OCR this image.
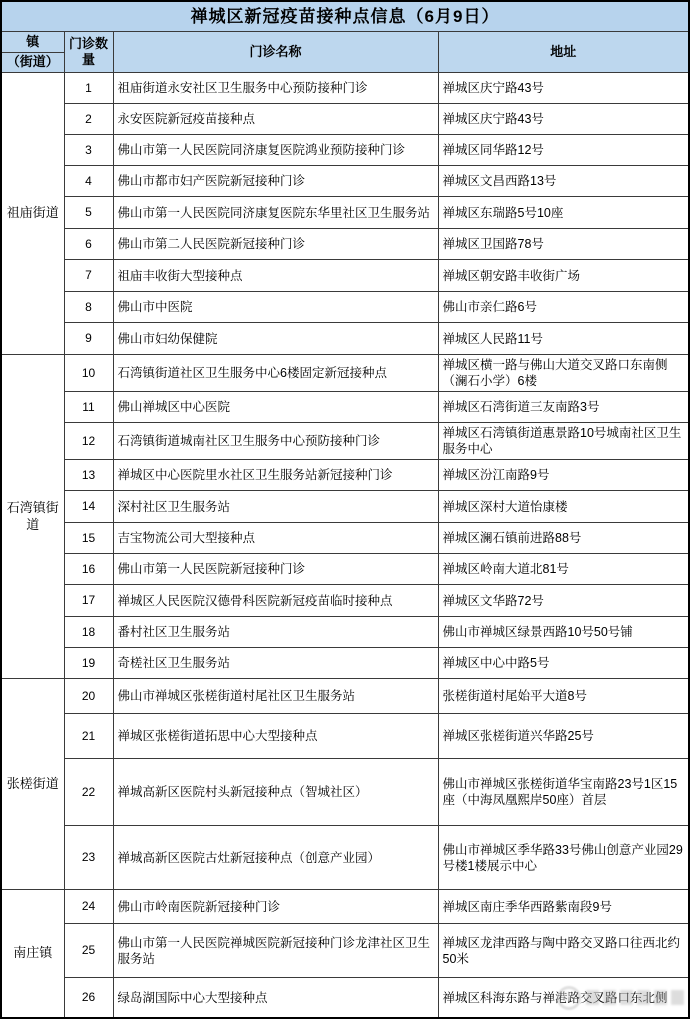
禅城区新冠疫苗接种点信息（6月9日）			

镇
（街道）	门诊数量	门诊名称	地址
祖庙街道	1	祖庙街道永安社区卫生服务中心预防接种门诊	禅城区庆宁路43号
	2	永安医院新冠疫苗接种点	禅城区庆宁路43号
	3	佛山市第一人民医院同济康复医院鸿业预防接种门诊	禅城区同华路12号
	4	佛山市都市妇产医院新冠接种门诊	禅城区文昌西路13号
	5	佛山市第一人民医院同济康复医院东华里社区卫生服务站	禅城区东瑞路5号10座
	6	佛山市第二人民医院新冠接种门诊	禅城区卫国路78号
	7	祖庙丰收街大型接种点	禅城区朝安路丰收街广场
	8	佛山市中医院	佛山市亲仁路6号
	9	佛山市妇幼保健院	禅城区人民路11号
石湾镇街道	10	石湾镇街道社区卫生服务中心6楼固定新冠接种点	禅城区横一路与佛山大道交叉路口东南侧（澜石小学）6楼
	11	佛山禅城区中心医院	禅城区石湾街道三友南路3号
	12	石湾镇街道城南社区卫生服务中心预防接种门诊	禅城区石湾镇街道惠景路10号城南社区卫生服务中心
	13	禅城区中心医院里水社区卫生服务站新冠接种门诊	禅城区汾江南路9号
	14	深村社区卫生服务站	禅城区深村大道怡康楼
	15	吉宝物流公司大型接种点	禅城区澜石镇前进路88号
	16	佛山市第一人民医院新冠接种门诊	禅城区岭南大道北81号
	17	禅城区人民医院汉德骨科医院新冠疫苗临时接种点	禅城区文华路72号
	18	番村社区卫生服务站	佛山市禅城区绿景西路10号50号铺
	19	奇槎社区卫生服务站	禅城区中心中路5号
张槎街道	20	佛山市禅城区张槎街道村尾社区卫生服务站	张槎街道村尾始平大道8号
	21	禅城区张槎街道拓思中心大型接种点	禅城区张槎街道兴华路25号
	22	禅城高新区医院村头新冠接种点（智城社区）	佛山市禅城区张槎街道华宝南路23号1区15座（中海凤凰熙岸50座）首层
	23	禅城高新区医院古灶新冠接种点（创意产业园）	佛山市禅城区季华路33号佛山创意产业园29号楼1楼展示中心
南庄镇	24	佛山市岭南医院新冠接种门诊	禅城区南庄季华西路紫南段9号
	25	佛山市第一人民医院禅城医院新冠接种门诊龙津社区卫生服务站	禅城区龙津西路与陶中路交叉路口往西北约50米
	26	绿岛湖国际中心大型接种点	禅城区科海东路与禅港路交叉路口东北侧
